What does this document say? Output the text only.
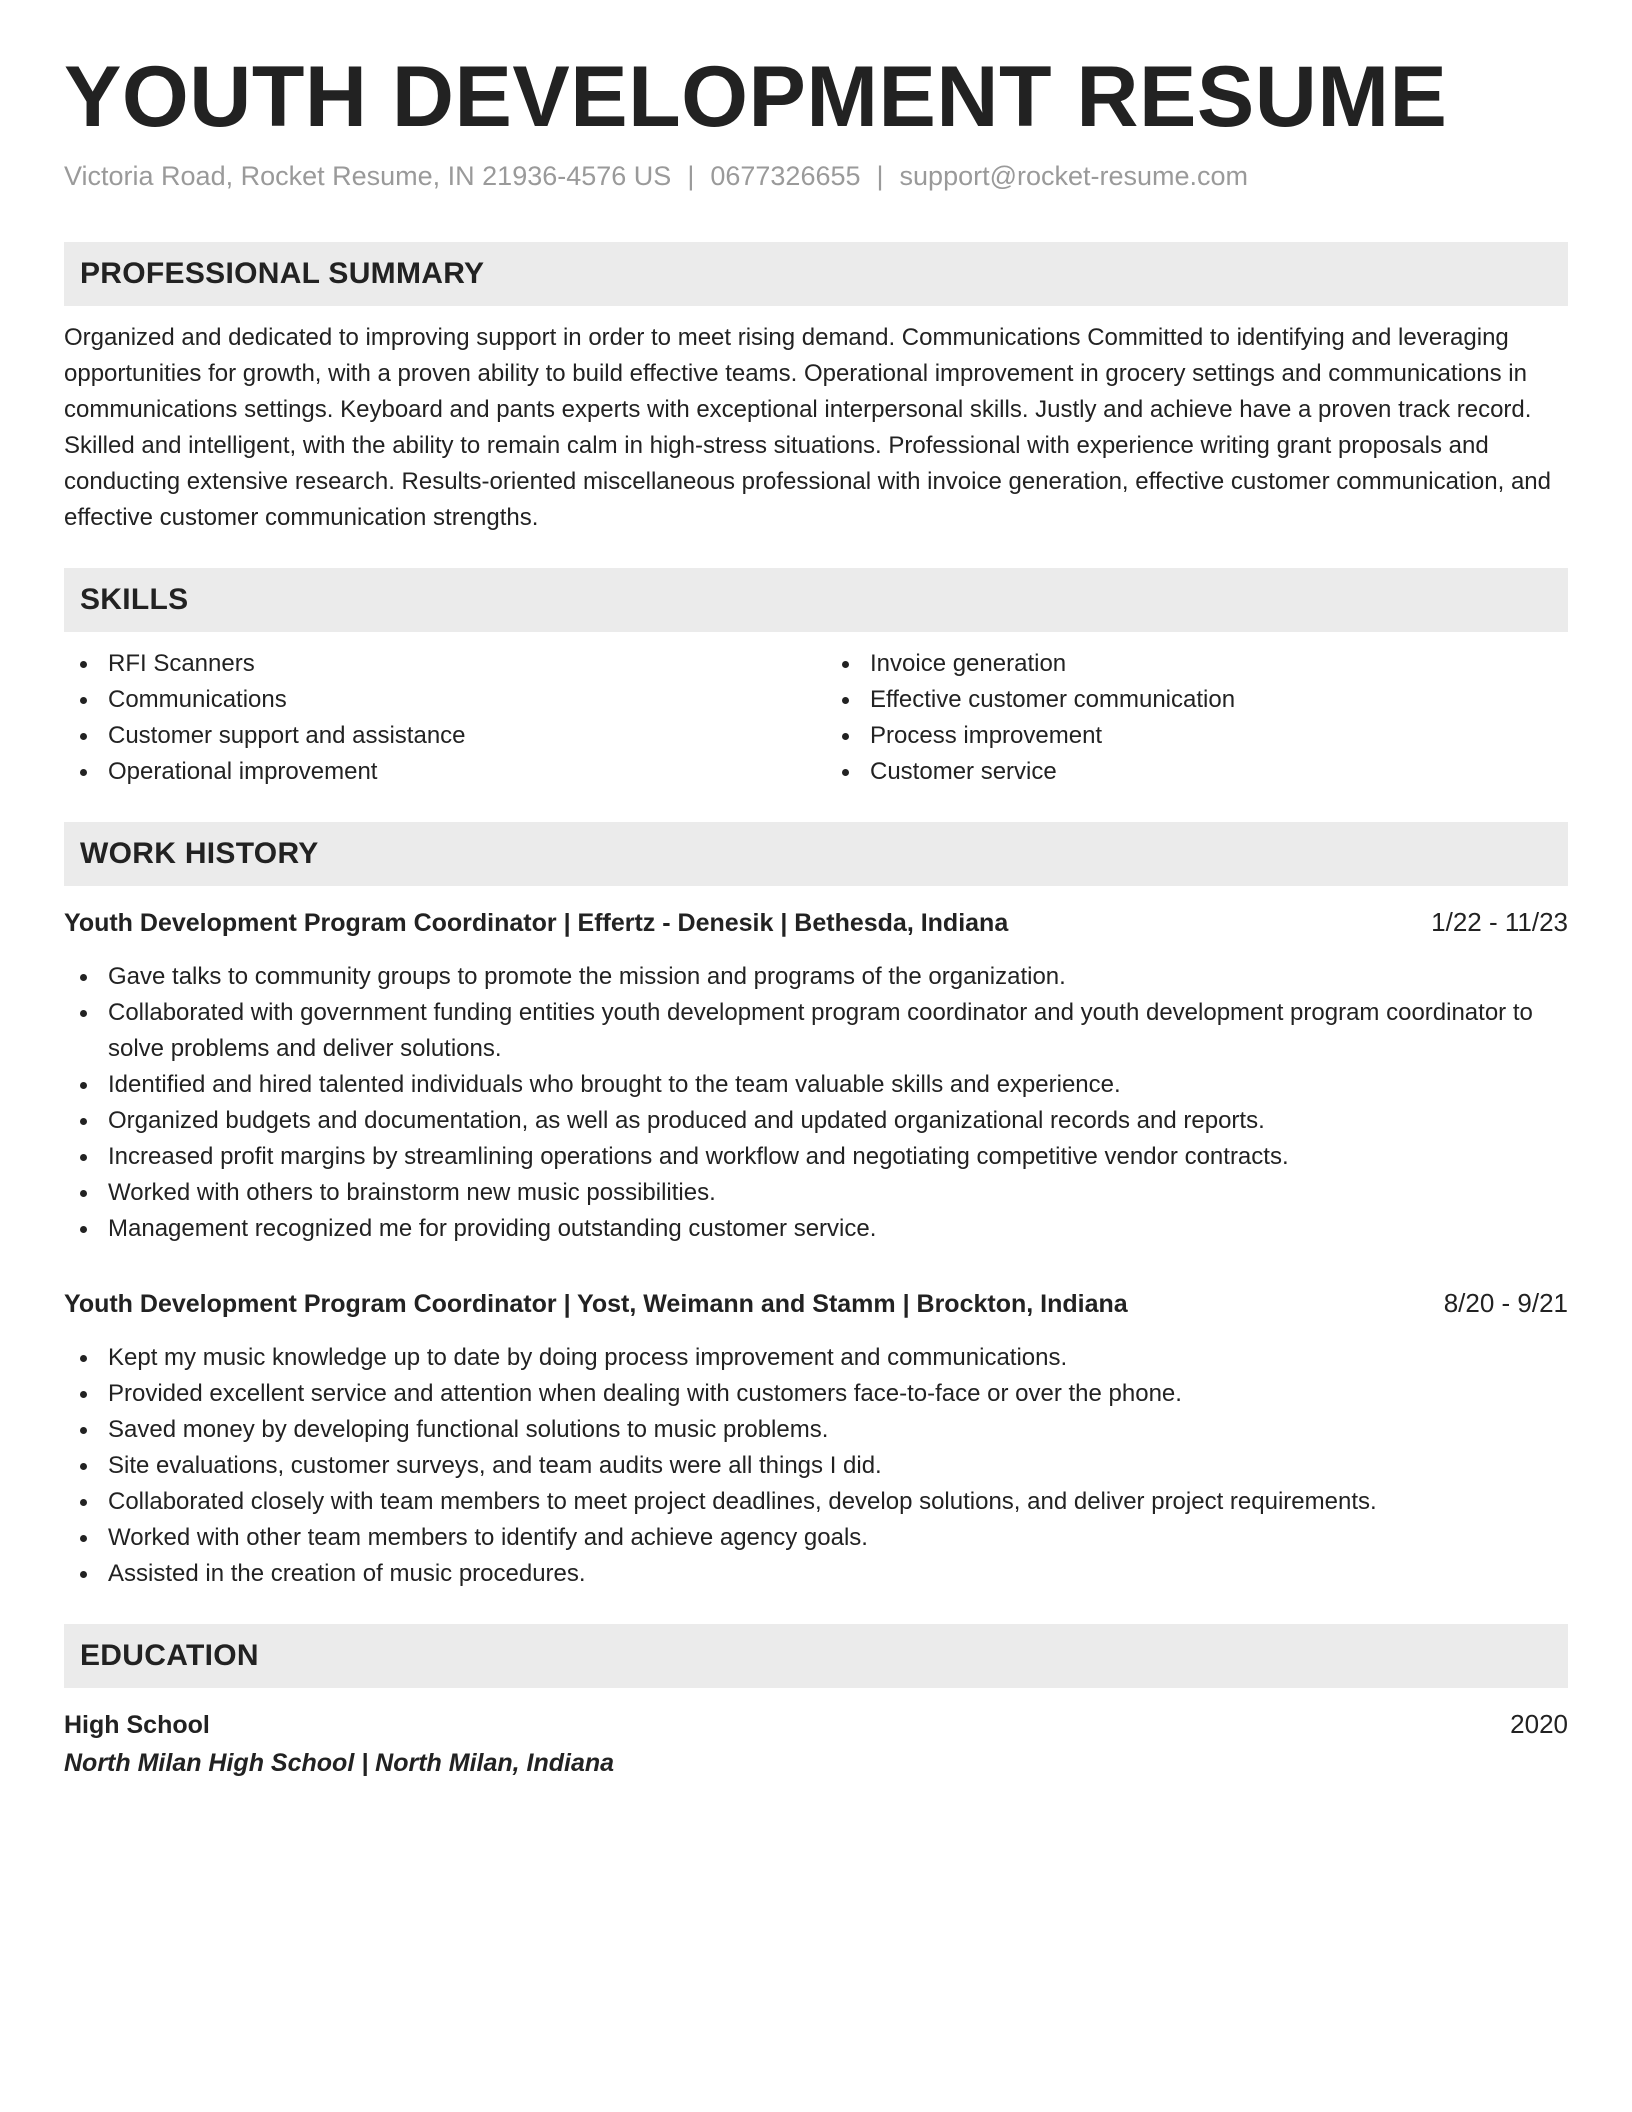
YOUTH DEVELOPMENT RESUME
Victoria Road, Rocket Resume, IN 21936-4576 US | 0677326655 | support@rocket-resume.com
PROFESSIONAL SUMMARY

Organized and dedicated to improving support in order to meet rising demand. Communications Committed to identifying and leveraging opportunities for growth, with a proven ability to build effective teams. Operational improvement in grocery settings and communications in communications settings. Keyboard and pants experts with exceptional interpersonal skills. Justly and achieve have a proven track record. Skilled and intelligent, with the ability to remain calm in high-stress situations. Professional with experience writing grant proposals and conducting extensive research. Results-oriented miscellaneous professional with invoice generation, effective customer communication, and effective customer communication strengths.

SKILLS
RFI Scanners
Communications
Customer support and assistance
Operational improvement
Invoice generation
Effective customer communication
Process improvement
Customer service
WORK HISTORY
Youth Development Program Coordinator | Effertz - Denesik | Bethesda, Indiana	1/22 - 11/23
Gave talks to community groups to promote the mission and programs of the organization.
Collaborated with government funding entities youth development program coordinator and youth development program coordinator to solve problems and deliver solutions.
Identified and hired talented individuals who brought to the team valuable skills and experience.
Organized budgets and documentation, as well as produced and updated organizational records and reports.
Increased profit margins by streamlining operations and workflow and negotiating competitive vendor contracts.
Worked with others to brainstorm new music possibilities.
Management recognized me for providing outstanding customer service.
Youth Development Program Coordinator | Yost, Weimann and Stamm | Brockton, Indiana	8/20 - 9/21
Kept my music knowledge up to date by doing process improvement and communications.
Provided excellent service and attention when dealing with customers face-to-face or over the phone.
Saved money by developing functional solutions to music problems.
Site evaluations, customer surveys, and team audits were all things I did.
Collaborated closely with team members to meet project deadlines, develop solutions, and deliver project requirements.
Worked with other team members to identify and achieve agency goals.
Assisted in the creation of music procedures.
EDUCATION
High School	2020
North Milan High School | North Milan, Indiana
